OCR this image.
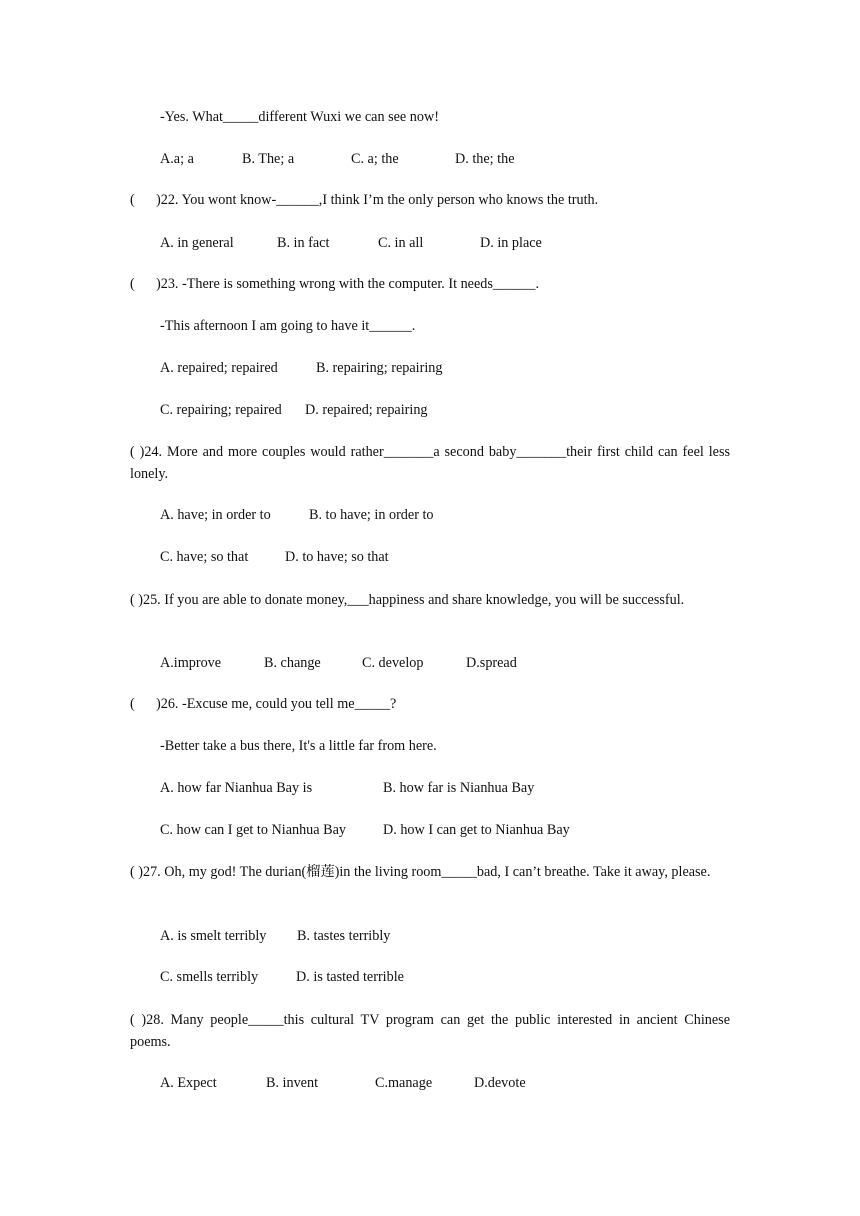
-Yes. What_____different Wuxi we can see now!
A.a; a	B. The; a	C. a; the	D. the; the
(      )22. You wont know-______,I think I’m the only person who knows the truth.
A. in general	B. in fact	C. in all	D. in place
(      )23. -There is something wrong with the computer. It needs______.
-This afternoon I am going to have it______.
A. repaired; repaired	B. repairing; repairing
C. repairing; repaired D. repaired; repairing
( )24. More and more couples would rather_______a second baby_______their first child can feel less lonely.
A. have; in order to	B. to have; in order to
C. have; so that	D. to have; so that
( )25. If you are able to donate money,___happiness and share knowledge, you will be successful.
A.improve	B. change	C. develop	D.spread
(      )26. -Excuse me, could you tell me_____?
-Better take a bus there, It's a little far from here.
A. how far Nianhua Bay is	B. how far is Nianhua Bay
C. how can I get to Nianhua Bay	D. how I can get to Nianhua Bay
( )27. Oh, my god! The durian(榴莲)in the living room_____bad, I can’t breathe. Take it away, please.
A. is smelt terribly B. tastes terribly
C. smells terribly	D. is tasted terrible
( )28. Many people_____this cultural TV program can get the public interested in ancient Chinese poems.
A. Expect	B. invent	C.manage	D.devote
